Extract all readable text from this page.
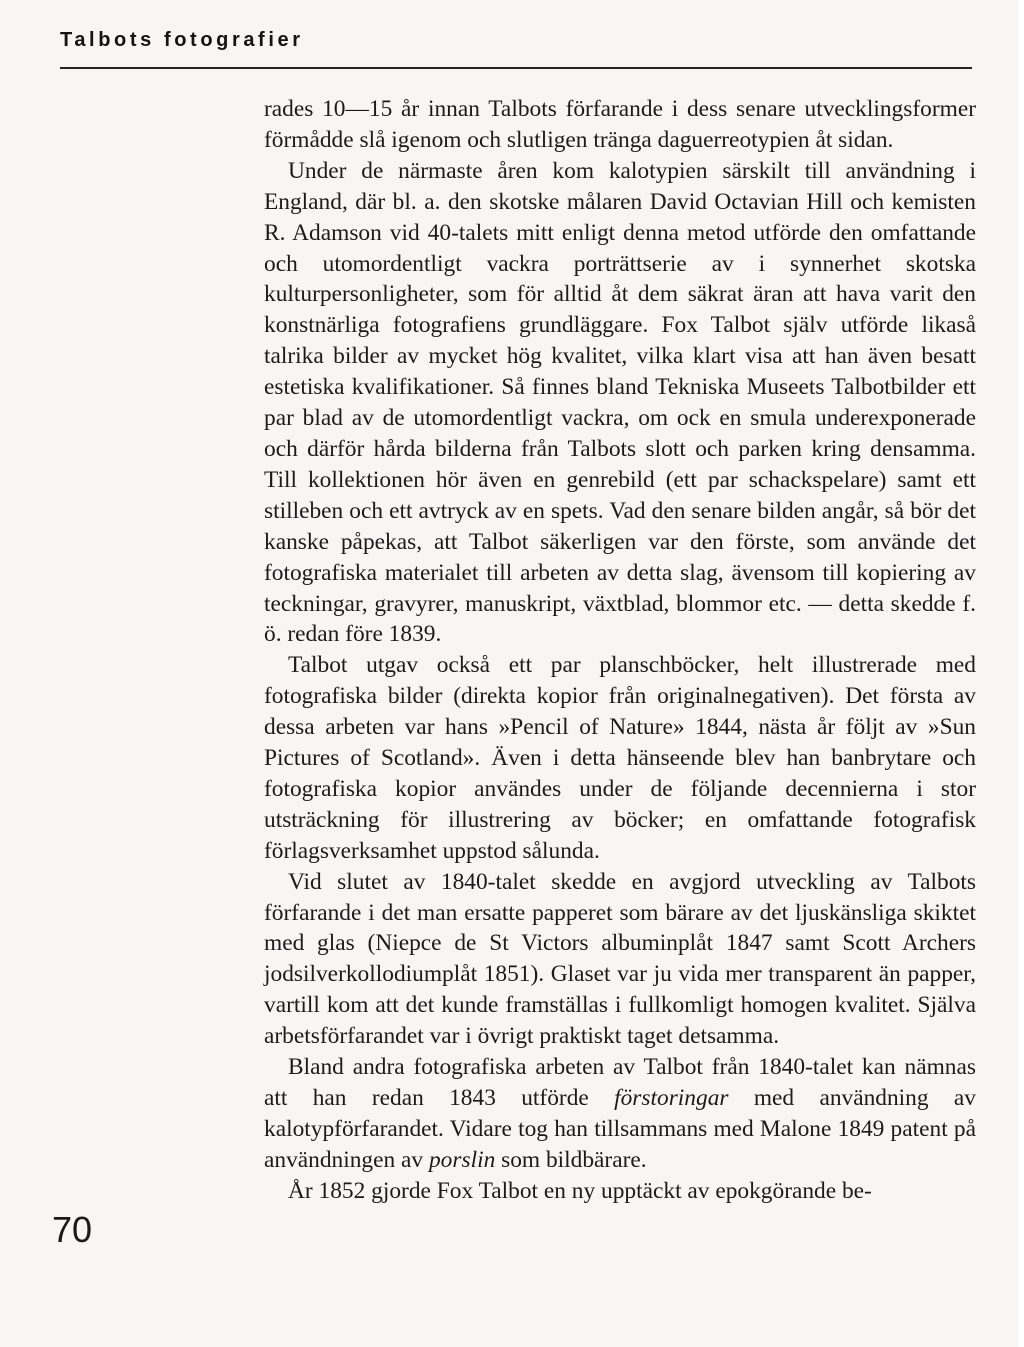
Talbots fotografier

rades 10—15 år innan Talbots förfarande i dess senare utvecklingsformer förmådde slå igenom och slutligen tränga daguerreotypien åt sidan.

Under de närmaste åren kom kalotypien särskilt till användning i England, där bl. a. den skotske målaren David Octavian Hill och kemisten R. Adamson vid 40-talets mitt enligt denna metod utförde den omfattande och utomordentligt vackra porträttserie av i synnerhet skotska kulturpersonligheter, som för alltid åt dem säkrat äran att hava varit den konstnärliga fotografiens grundläggare. Fox Talbot själv utförde likaså talrika bilder av mycket hög kvalitet, vilka klart visa att han även besatt estetiska kvalifikationer. Så finnes bland Tekniska Museets Talbotbilder ett par blad av de utomordentligt vackra, om ock en smula underexponerade och därför hårda bilderna från Talbots slott och parken kring densamma. Till kollektionen hör även en genrebild (ett par schackspelare) samt ett stilleben och ett avtryck av en spets. Vad den senare bilden angår, så bör det kanske påpekas, att Talbot säkerligen var den förste, som använde det fotografiska materialet till arbeten av detta slag, ävensom till kopiering av teckningar, gravyrer, manuskript, växtblad, blommor etc. — detta skedde f. ö. redan före 1839.

Talbot utgav också ett par planschböcker, helt illustrerade med fotografiska bilder (direkta kopior från originalnegativen). Det första av dessa arbeten var hans »Pencil of Nature» 1844, nästa år följt av »Sun Pictures of Scotland». Även i detta hänseende blev han banbrytare och fotografiska kopior användes under de följande decennierna i stor utsträckning för illustrering av böcker; en omfattande fotografisk förlagsverksamhet uppstod sålunda.

Vid slutet av 1840-talet skedde en avgjord utveckling av Talbots förfarande i det man ersatte papperet som bärare av det ljuskänsliga skiktet med glas (Niepce de St Victors albuminplåt 1847 samt Scott Archers jodsilverkollodiumplåt 1851). Glaset var ju vida mer transparent än papper, vartill kom att det kunde framställas i fullkomligt homogen kvalitet. Själva arbetsförfarandet var i övrigt praktiskt taget detsamma.

Bland andra fotografiska arbeten av Talbot från 1840-talet kan nämnas att han redan 1843 utförde förstoringar med användning av kalotypförfarandet. Vidare tog han tillsammans med Malone 1849 patent på användningen av porslin som bildbärare.

År 1852 gjorde Fox Talbot en ny upptäckt av epokgörande be-

70
